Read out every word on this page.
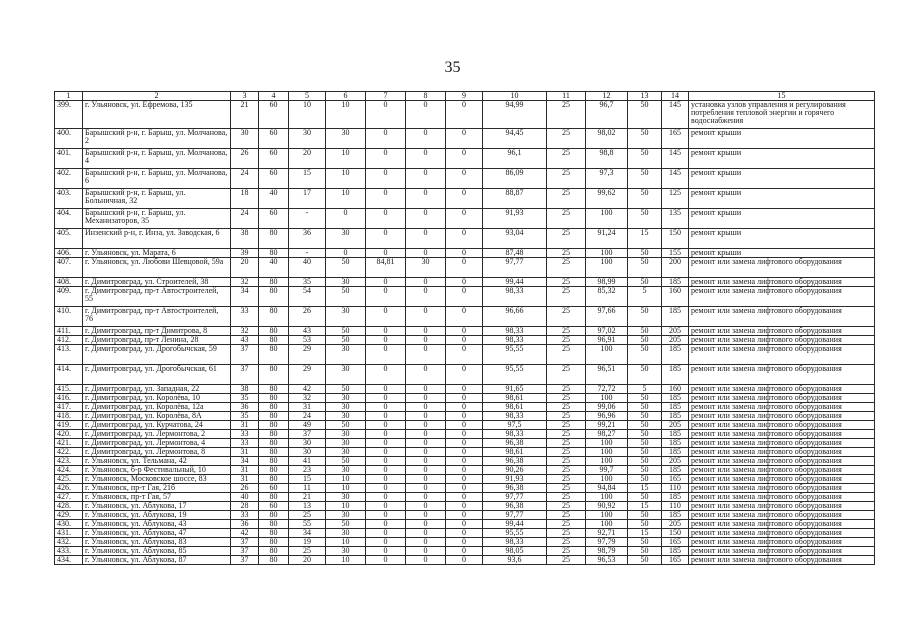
35
1	2	3	4	5	6	7	8	9	10	11	12	13	14	15
399.	г. Ульяновск, ул. Ефремова, 135	21	60	10	10	0	0	0	94,99	25	96,7	50	145	установка узлов управления и регулирования потребления тепловой энергии и горячего водоснабжения
400.	Барышский р-н, г. Барыш, ул. Молчанова, 2	30	60	30	30	0	0	0	94,45	25	98,02	50	165	ремонт крыши
401.	Барышский р-н, г. Барыш, ул. Молчанова, 4	26	60	20	10	0	0	0	96,1	25	98,8	50	145	ремонт крыши
402.	Барышский р-н, г. Барыш, ул. Молчанова, 6	24	60	15	10	0	0	0	86,09	25	97,3	50	145	ремонт крыши
403.	Барышский р-н, г. Барыш, ул. Больничная, 32	18	40	17	10	0	0	0	88,87	25	99,62	50	125	ремонт крыши
404.	Барышский р-н, г. Барыш, ул. Механизаторов, 35	24	60	-	0	0	0	0	91,93	25	100	50	135	ремонт крыши
405.	Инзенский р-н, г. Инза, ул. Заводская, 6	38	80	36	30	0	0	0	93,04	25	91,24	15	150	ремонт крыши
406.	г. Ульяновск, ул. Марата, 6	39	80	-	0	0	0	0	87,48	25	100	50	155	ремонт крыши
407.	г. Ульяновск, ул. Любови Шевцовой, 59а	20	40	40	50	84,81	30	0	97,77	25	100	50	200	ремонт или замена лифтового оборудования
408.	г. Димитровград, ул. Строителей, 38	32	80	35	30	0	0	0	99,44	25	98,99	50	185	ремонт или замена лифтового оборудования
409.	г. Димитровград, пр-т Автостроителей, 55	34	80	54	50	0	0	0	98,33	25	85,32	5	160	ремонт или замена лифтового оборудования
410.	г. Димитровград, пр-т Автостроителей, 76	33	80	26	30	0	0	0	96,66	25	97,66	50	185	ремонт или замена лифтового оборудования
411.	г. Димитровград, пр-т Димитрова, 8	32	80	43	50	0	0	0	98,33	25	97,02	50	205	ремонт или замена лифтового оборудования
412.	г. Димитровград, пр-т Ленина, 28	43	80	53	50	0	0	0	98,33	25	96,91	50	205	ремонт или замена лифтового оборудования
413.	г. Димитровград, ул. Дрогобычская, 59	37	80	29	30	0	0	0	95,55	25	100	50	185	ремонт или замена лифтового оборудования
414.	г. Димитровград, ул. Дрогобычская, 61	37	80	29	30	0	0	0	95,55	25	96,51	50	185	ремонт или замена лифтового оборудования
415.	г. Димитровград, ул. Западная, 22	38	80	42	50	0	0	0	91,65	25	72,72	5	160	ремонт или замена лифтового оборудования
416.	г. Димитровград, ул. Королёва, 10	35	80	32	30	0	0	0	98,61	25	100	50	185	ремонт или замена лифтового оборудования
417.	г. Димитровград, ул. Королёва, 12а	36	80	31	30	0	0	0	98,61	25	99,06	50	185	ремонт или замена лифтового оборудования
418.	г. Димитровград, ул. Королёва, 8А	35	80	24	30	0	0	0	98,33	25	96,96	50	185	ремонт или замена лифтового оборудования
419.	г. Димитровград, ул. Курчатова, 24	31	80	49	50	0	0	0	97,5	25	99,21	50	205	ремонт или замена лифтового оборудования
420.	г. Димитровград, ул. Лермонтова, 2	33	80	37	30	0	0	0	98,33	25	98,27	50	185	ремонт или замена лифтового оборудования
421.	г. Димитровград, ул. Лермонтова, 4	33	80	30	30	0	0	0	96,38	25	100	50	185	ремонт или замена лифтового оборудования
422.	г. Димитровград, ул. Лермонтова, 8	31	80	30	30	0	0	0	98,61	25	100	50	185	ремонт или замена лифтового оборудования
423.	г. Ульяновск, ул. Тельмана, 42	34	80	41	50	0	0	0	96,38	25	100	50	205	ремонт или замена лифтового оборудования
424.	г. Ульяновск, б-р Фестивальный, 10	31	80	23	30	0	0	0	90,26	25	99,7	50	185	ремонт или замена лифтового оборудования
425.	г. Ульяновск, Московское шоссе, 83	31	80	15	10	0	0	0	91,93	25	100	50	165	ремонт или замена лифтового оборудования
426.	г. Ульяновск, пр-т Гая, 21б	26	60	11	10	0	0	0	96,38	25	94,84	15	110	ремонт или замена лифтового оборудования
427.	г. Ульяновск, пр-т Гая, 57	40	80	21	30	0	0	0	97,77	25	100	50	185	ремонт или замена лифтового оборудования
428.	г. Ульяновск, ул. Аблукова, 17	28	60	13	10	0	0	0	96,38	25	90,92	15	110	ремонт или замена лифтового оборудования
429.	г. Ульяновск, ул. Аблукова, 19	33	80	25	30	0	0	0	97,77	25	100	50	185	ремонт или замена лифтового оборудования
430.	г. Ульяновск, ул. Аблукова, 43	36	80	55	50	0	0	0	99,44	25	100	50	205	ремонт или замена лифтового оборудования
431.	г. Ульяновск, ул. Аблукова, 47	42	80	34	30	0	0	0	95,55	25	92,71	15	150	ремонт или замена лифтового оборудования
432.	г. Ульяновск, ул. Аблукова, 83	37	80	19	10	0	0	0	98,33	25	97,79	50	165	ремонт или замена лифтового оборудования
433.	г. Ульяновск, ул. Аблукова, 85	37	80	25	30	0	0	0	98,05	25	98,79	50	185	ремонт или замена лифтового оборудования
434.	г. Ульяновск, ул. Аблукова, 87	37	80	20	10	0	0	0	93,6	25	96,53	50	165	ремонт или замена лифтового оборудования
